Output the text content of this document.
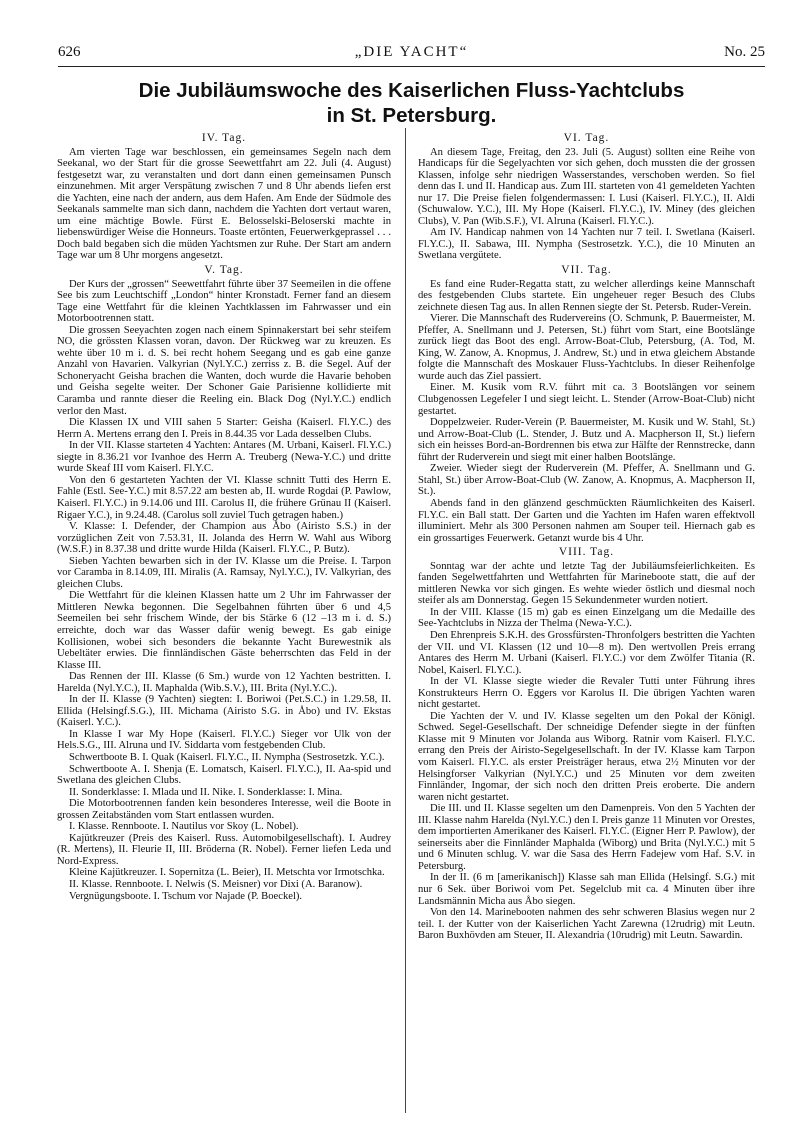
626	„DIE YACHT“	No. 25
Die Jubiläumswoche des Kaiserlichen Fluss-Yachtclubs
in St. Petersburg.
IV. Tag.

Am vierten Tage war beschlossen, ein gemeinsames Segeln nach dem Seekanal, wo der Start für die grosse Seewettfahrt am 22. Juli (4. August) festgesetzt war, zu veranstalten und dort dann einen gemeinsamen Punsch einzunehmen. Mit arger Verspätung zwischen 7 und 8 Uhr abends liefen erst die Yachten, eine nach der andern, aus dem Hafen. Am Ende der Südmole des Seekanals sammelte man sich dann, nachdem die Yachten dort vertaut waren, um eine mächtige Bowle. Fürst E. Belosselski-Beloserski machte in liebenswürdiger Weise die Honneurs. Toaste ertönten, Feuerwerkgeprassel . . . Doch bald begaben sich die müden Yachtsmen zur Ruhe. Der Start am andern Tage war um 8 Uhr morgens angesetzt.

V. Tag.

Der Kurs der „grossen“ Seewettfahrt führte über 37 Seemeilen in die offene See bis zum Leuchtschiff „London“ hinter Kronstadt. Ferner fand an diesem Tage eine Wettfahrt für die kleinen Yachtklassen im Fahrwasser und ein Motorbootrennen statt.

Die grossen Seeyachten zogen nach einem Spinnakerstart bei sehr steifem NO, die grössten Klassen voran, davon. Der Rückweg war zu kreuzen. Es wehte über 10 m i. d. S. bei recht hohem Seegang und es gab eine ganze Anzahl von Havarien. Valkyrian (Nyl.Y.C.) zerriss z. B. die Segel. Auf der Schoneryacht Geisha brachen die Wanten, doch wurde die Havarie behoben und Geisha segelte weiter. Der Schoner Gaie Parisienne kollidierte mit Caramba und rannte dieser die Reeling ein. Black Dog (Nyl.Y.C.) endlich verlor den Mast.

Die Klassen IX und VIII sahen 5 Starter: Geisha (Kaiserl. Fl.Y.C.) des Herrn A. Mertens errang den I. Preis in 8.44.35 vor Lada desselben Clubs.

In der VII. Klasse starteten 4 Yachten: Antares (M. Urbani, Kaiserl. Fl.Y.C.) siegte in 8.36.21 vor Ivanhoe des Herrn A. Treuberg (Newa-Y.C.) und dritte wurde Skeaf III vom Kaiserl. Fl.Y.C.

Von den 6 gestarteten Yachten der VI. Klasse schnitt Tutti des Herrn E. Fahle (Estl. See-Y.C.) mit 8.57.22 am besten ab, II. wurde Rogdai (P. Pawlow, Kaiserl. Fl.Y.C.) in 9.14.06 und III. Carolus II, die frühere Grünau II (Kaiserl. Rigaer Y.C.), in 9.24.48. (Carolus soll zuviel Tuch getragen haben.)

V. Klasse: I. Defender, der Champion aus Åbo (Airisto S.S.) in der vorzüglichen Zeit von 7.53.31, II. Jolanda des Herrn W. Wahl aus Wiborg (W.S.F.) in 8.37.38 und dritte wurde Hilda (Kaiserl. Fl.Y.C., P. Butz).

Sieben Yachten bewarben sich in der IV. Klasse um die Preise. I. Tarpon vor Caramba in 8.14.09, III. Miralis (A. Ramsay, Nyl.Y.C.), IV. Valkyrian, des gleichen Clubs.

Die Wettfahrt für die kleinen Klassen hatte um 2 Uhr im Fahrwasser der Mittleren Newka begonnen. Die Segelbahnen führten über 6 und 4,5 Seemeilen bei sehr frischem Winde, der bis Stärke 6 (12 –13 m i. d. S.) erreichte, doch war das Wasser dafür wenig bewegt. Es gab einige Kollisionen, wobei sich besonders die bekannte Yacht Burewestnik als Uebeltäter erwies. Die finnländischen Gäste beherrschten das Feld in der Klasse III.

Das Rennen der III. Klasse (6 Sm.) wurde von 12 Yachten bestritten. I. Harelda (Nyl.Y.C.), II. Maphalda (Wib.S.V.), III. Brita (Nyl.Y.C.).

In der II. Klasse (9 Yachten) siegten: I. Boriwoi (Pet.S.C.) in 1.29.58, II. Ellida (Helsingf.S.G.), III. Michama (Airisto S.G. in Åbo) und IV. Ekstas (Kaiserl. Y.C.).

In Klasse I war My Hope (Kaiserl. Fl.Y.C.) Sieger vor Ulk von der Hels.S.G., III. Alruna und IV. Siddarta vom festgebenden Club.

Schwertboote B. I. Quak (Kaiserl. Fl.Y.C., II. Nympha (Sestrosetzk. Y.C.).

Schwertboote A. I. Shenja (E. Lomatsch, Kaiserl. Fl.Y.C.), II. Aa-spid und Swetlana des gleichen Clubs.

II. Sonderklasse: I. Mlada und II. Nike. I. Sonderklasse: I. Mina.

Die Motorbootrennen fanden kein besonderes Interesse, weil die Boote in grossen Zeitabständen vom Start entlassen wurden.

I. Klasse. Rennboote. I. Nautilus vor Skoy (L. Nobel).

Kajütkreuzer (Preis des Kaiserl. Russ. Automobilgesellschaft). I. Audrey (R. Mertens), II. Fleurie II, III. Bröderna (R. Nobel). Ferner liefen Leda und Nord-Express.

Kleine Kajütkreuzer. I. Sopernitza (L. Beier), II. Metschta vor Irmotschka.

II. Klasse. Rennboote. I. Nelwis (S. Meisner) vor Dixi (A. Baranow).

Vergnügungsboote. I. Tschum vor Najade (P. Boeckel).

VI. Tag.

An diesem Tage, Freitag, den 23. Juli (5. August) sollten eine Reihe von Handicaps für die Segelyachten vor sich gehen, doch mussten die der grossen Klassen, infolge sehr niedrigen Wasserstandes, verschoben werden. So fiel denn das I. und II. Handicap aus. Zum III. starteten von 41 gemeldeten Yachten nur 17. Die Preise fielen folgendermassen: I. Lusi (Kaiserl. Fl.Y.C.), II. Aldi (Schuwalow. Y.C.), III. My Hope (Kaiserl. Fl.Y.C.), IV. Miney (des gleichen Clubs), V. Pan (Wib.S.F.), VI. Alruna (Kaiserl. Fl.Y.C.).

Am IV. Handicap nahmen von 14 Yachten nur 7 teil. I. Swetlana (Kaiserl. Fl.Y.C.), II. Sabawa, III. Nympha (Sestrosetzk. Y.C.), die 10 Minuten an Swetlana vergütete.

VII. Tag.

Es fand eine Ruder-Regatta statt, zu welcher allerdings keine Mannschaft des festgebenden Clubs startete. Ein ungeheuer reger Besuch des Clubs zeichnete diesen Tag aus. In allen Rennen siegte der St. Petersb. Ruder-Verein.

Vierer. Die Mannschaft des Rudervereins (O. Schmunk, P. Bauermeister, M. Pfeffer, A. Snellmann und J. Petersen, St.) führt vom Start, eine Bootslänge zurück liegt das Boot des engl. Arrow-Boat-Club, Petersburg, (A. Tod, M. King, W. Zanow, A. Knopmus, J. Andrew, St.) und in etwa gleichem Abstande folgte die Mannschaft des Moskauer Fluss-Yachtclubs. In dieser Reihenfolge wurde auch das Ziel passiert.

Einer. M. Kusik vom R.V. führt mit ca. 3 Bootslängen vor seinem Clubgenossen Legefeler I und siegt leicht. L. Stender (Arrow-Boat-Club) nicht gestartet.

Doppelzweier. Ruder-Verein (P. Bauermeister, M. Kusik und W. Stahl, St.) und Arrow-Boat-Club (L. Stender, J. Butz und A. Macpherson II, St.) liefern sich ein heisses Bord-an-Bordrennen bis etwa zur Hälfte der Rennstrecke, dann führt der Ruderverein und siegt mit einer halben Bootslänge.

Zweier. Wieder siegt der Ruderverein (M. Pfeffer, A. Snellmann und G. Stahl, St.) über Arrow-Boat-Club (W. Zanow, A. Knopmus, A. Macpherson II, St.).

Abends fand in den glänzend geschmückten Räumlichkeiten des Kaiserl. Fl.Y.C. ein Ball statt. Der Garten und die Yachten im Hafen waren effektvoll illuminiert. Mehr als 300 Personen nahmen am Souper teil. Hiernach gab es ein grossartiges Feuerwerk. Getanzt wurde bis 4 Uhr.

VIII. Tag.

Sonntag war der achte und letzte Tag der Jubiläumsfeierlichkeiten. Es fanden Segelwettfahrten und Wettfahrten für Marineboote statt, die auf der mittleren Newka vor sich gingen. Es wehte wieder östlich und diesmal noch steifer als am Donnerstag. Gegen 15 Sekundenmeter wurden notiert.

In der VIII. Klasse (15 m) gab es einen Einzelgang um die Medaille des See-Yachtclubs in Nizza der Thelma (Newa-Y.C.).

Den Ehrenpreis S.K.H. des Grossfürsten-Thronfolgers bestritten die Yachten der VII. und VI. Klassen (12 und 10—8 m). Den wertvollen Preis errang Antares des Herrn M. Urbani (Kaiserl. Fl.Y.C.) vor dem Zwölfer Titania (R. Nobel, Kaiserl. Fl.Y.C.).

In der VI. Klasse siegte wieder die Revaler Tutti unter Führung ihres Konstrukteurs Herrn O. Eggers vor Karolus II. Die übrigen Yachten waren nicht gestartet.

Die Yachten der V. und IV. Klasse segelten um den Pokal der Königl. Schwed. Segel-Gesellschaft. Der schneidige Defender siegte in der fünften Klasse mit 9 Minuten vor Jolanda aus Wiborg. Ratnir vom Kaiserl. Fl.Y.C. errang den Preis der Airisto-Segelgesellschaft. In der IV. Klasse kam Tarpon vom Kaiserl. Fl.Y.C. als erster Preisträger heraus, etwa 2½ Minuten vor der Helsingforser Valkyrian (Nyl.Y.C.) und 25 Minuten vor dem zweiten Finnländer, Ingomar, der sich noch den dritten Preis eroberte. Die andern waren nicht gestartet.

Die III. und II. Klasse segelten um den Damenpreis. Von den 5 Yachten der III. Klasse nahm Harelda (Nyl.Y.C.) den I. Preis ganze 11 Minuten vor Orestes, dem importierten Amerikaner des Kaiserl. Fl.Y.C. (Eigner Herr P. Pawlow), der seinerseits aber die Finnländer Maphalda (Wiborg) und Brita (Nyl.Y.C.) mit 5 und 6 Minuten schlug. V. war die Sasa des Herrn Fadejew vom Haf. S.V. in Petersburg.

In der II. (6 m [amerikanisch]) Klasse sah man Ellida (Helsingf. S.G.) mit nur 6 Sek. über Boriwoi vom Pet. Segelclub mit ca. 4 Minuten über ihre Landsmännin Micha aus Åbo siegen.

Von den 14. Marinebooten nahmen des sehr schweren Blasius wegen nur 2 teil. I. der Kutter von der Kaiserlichen Yacht Zarewna (12rudrig) mit Leutn. Baron Buxhövden am Steuer, II. Alexandria (10rudrig) mit Leutn. Sawardin.
